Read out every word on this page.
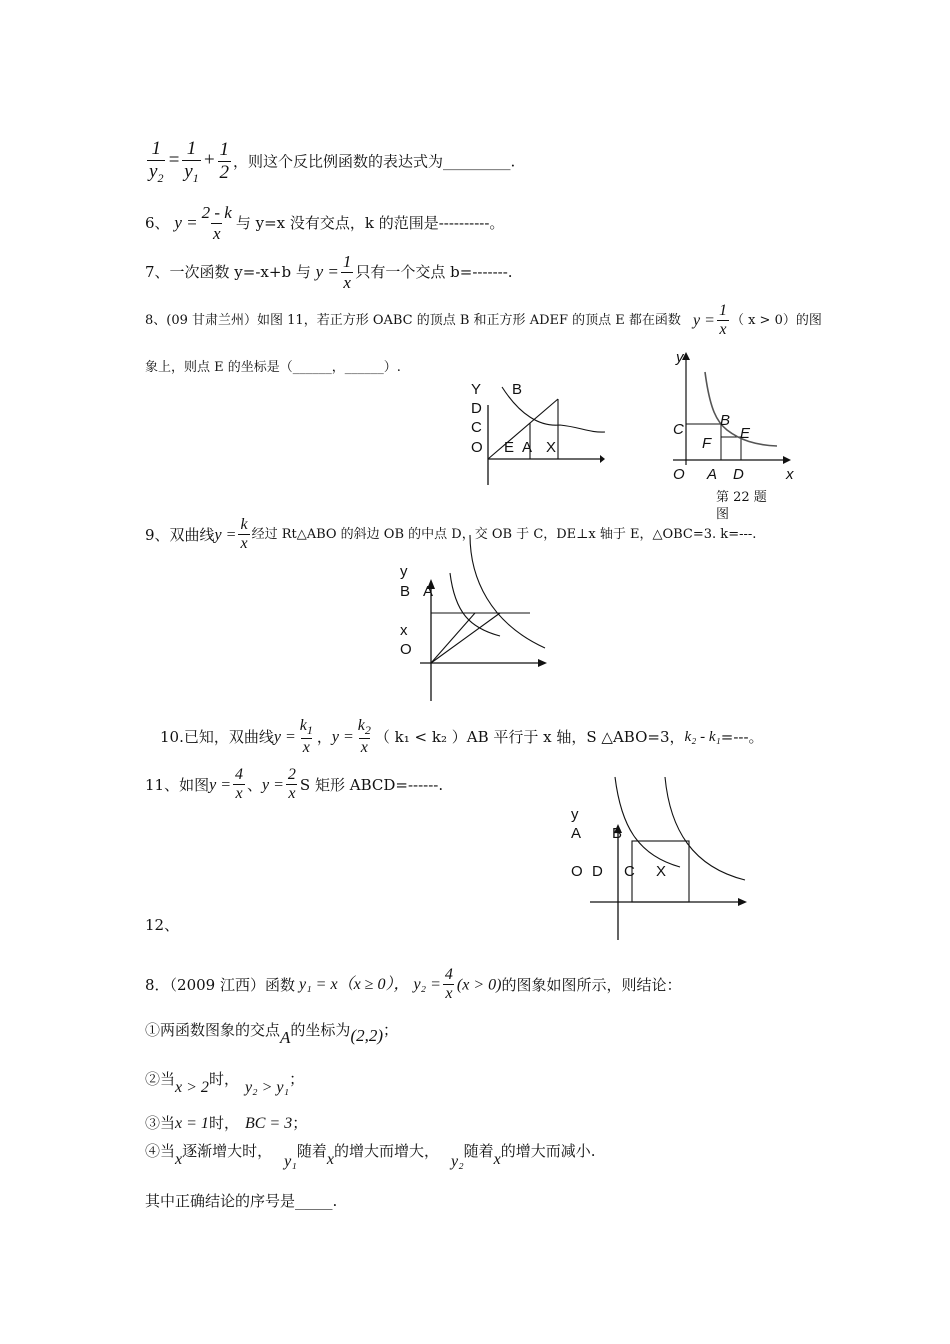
$\frac{1}{y_2} = \frac{1}{y_1} + \frac{1}{2}$ ，则这个反比例函数的表达式为_________.
6、 $y = \frac{2 - k}{x}$ 与 y=x 没有交点，k 的范围是----------。
7、一次函数 y=-x+b 与 $y = \frac{1}{x}$ 只有一个交点 b=-------.
8、(09 甘肃兰州）如图 11，若正方形 OABC 的顶点 B 和正方形 ADEF 的顶点 E 都在函数 $y = \frac{1}{x}$ （ x > 0）的图
象上，则点 E 的坐标是（______，______）.
Y B
D
C
O E A X
y
C
B
F
E
O A D	x
第 22 题
图
9、双曲线$y = \frac{k}{x}$ 经过 Rt△ABO 的斜边 OB 的中点 D，交 OB 于 C，DE⊥x 轴于 E，△OBC=3. k=---.
y
B A
x
O
10.已知，双曲线$y = \frac{k_1}{x}$ ，$y = \frac{k_2}{x}$ （ k₁ < k₂ ）AB 平行于 x 轴，S △ABO=3，k₂ - k₁=---。
11、如图$y = \frac{4}{x}$ 、$y = \frac{2}{x}$ S 矩形 ABCD=------.
y
A B
O D C X
12、
8．（2009 江西）函数 y₁ = x（x ≥ 0）， $y_2 = \frac{4}{x} (x > 0)$的图象如图所示，则结论：
①两函数图象的交点A的坐标为(2,2)；
②当x > 2时， y₂ > y₁；
③当x = 1时， BC = 3；
④当x逐渐增大时，y₁随着x的增大而增大，y₂随着x的增大而减小.
其中正确结论的序号是_____.
